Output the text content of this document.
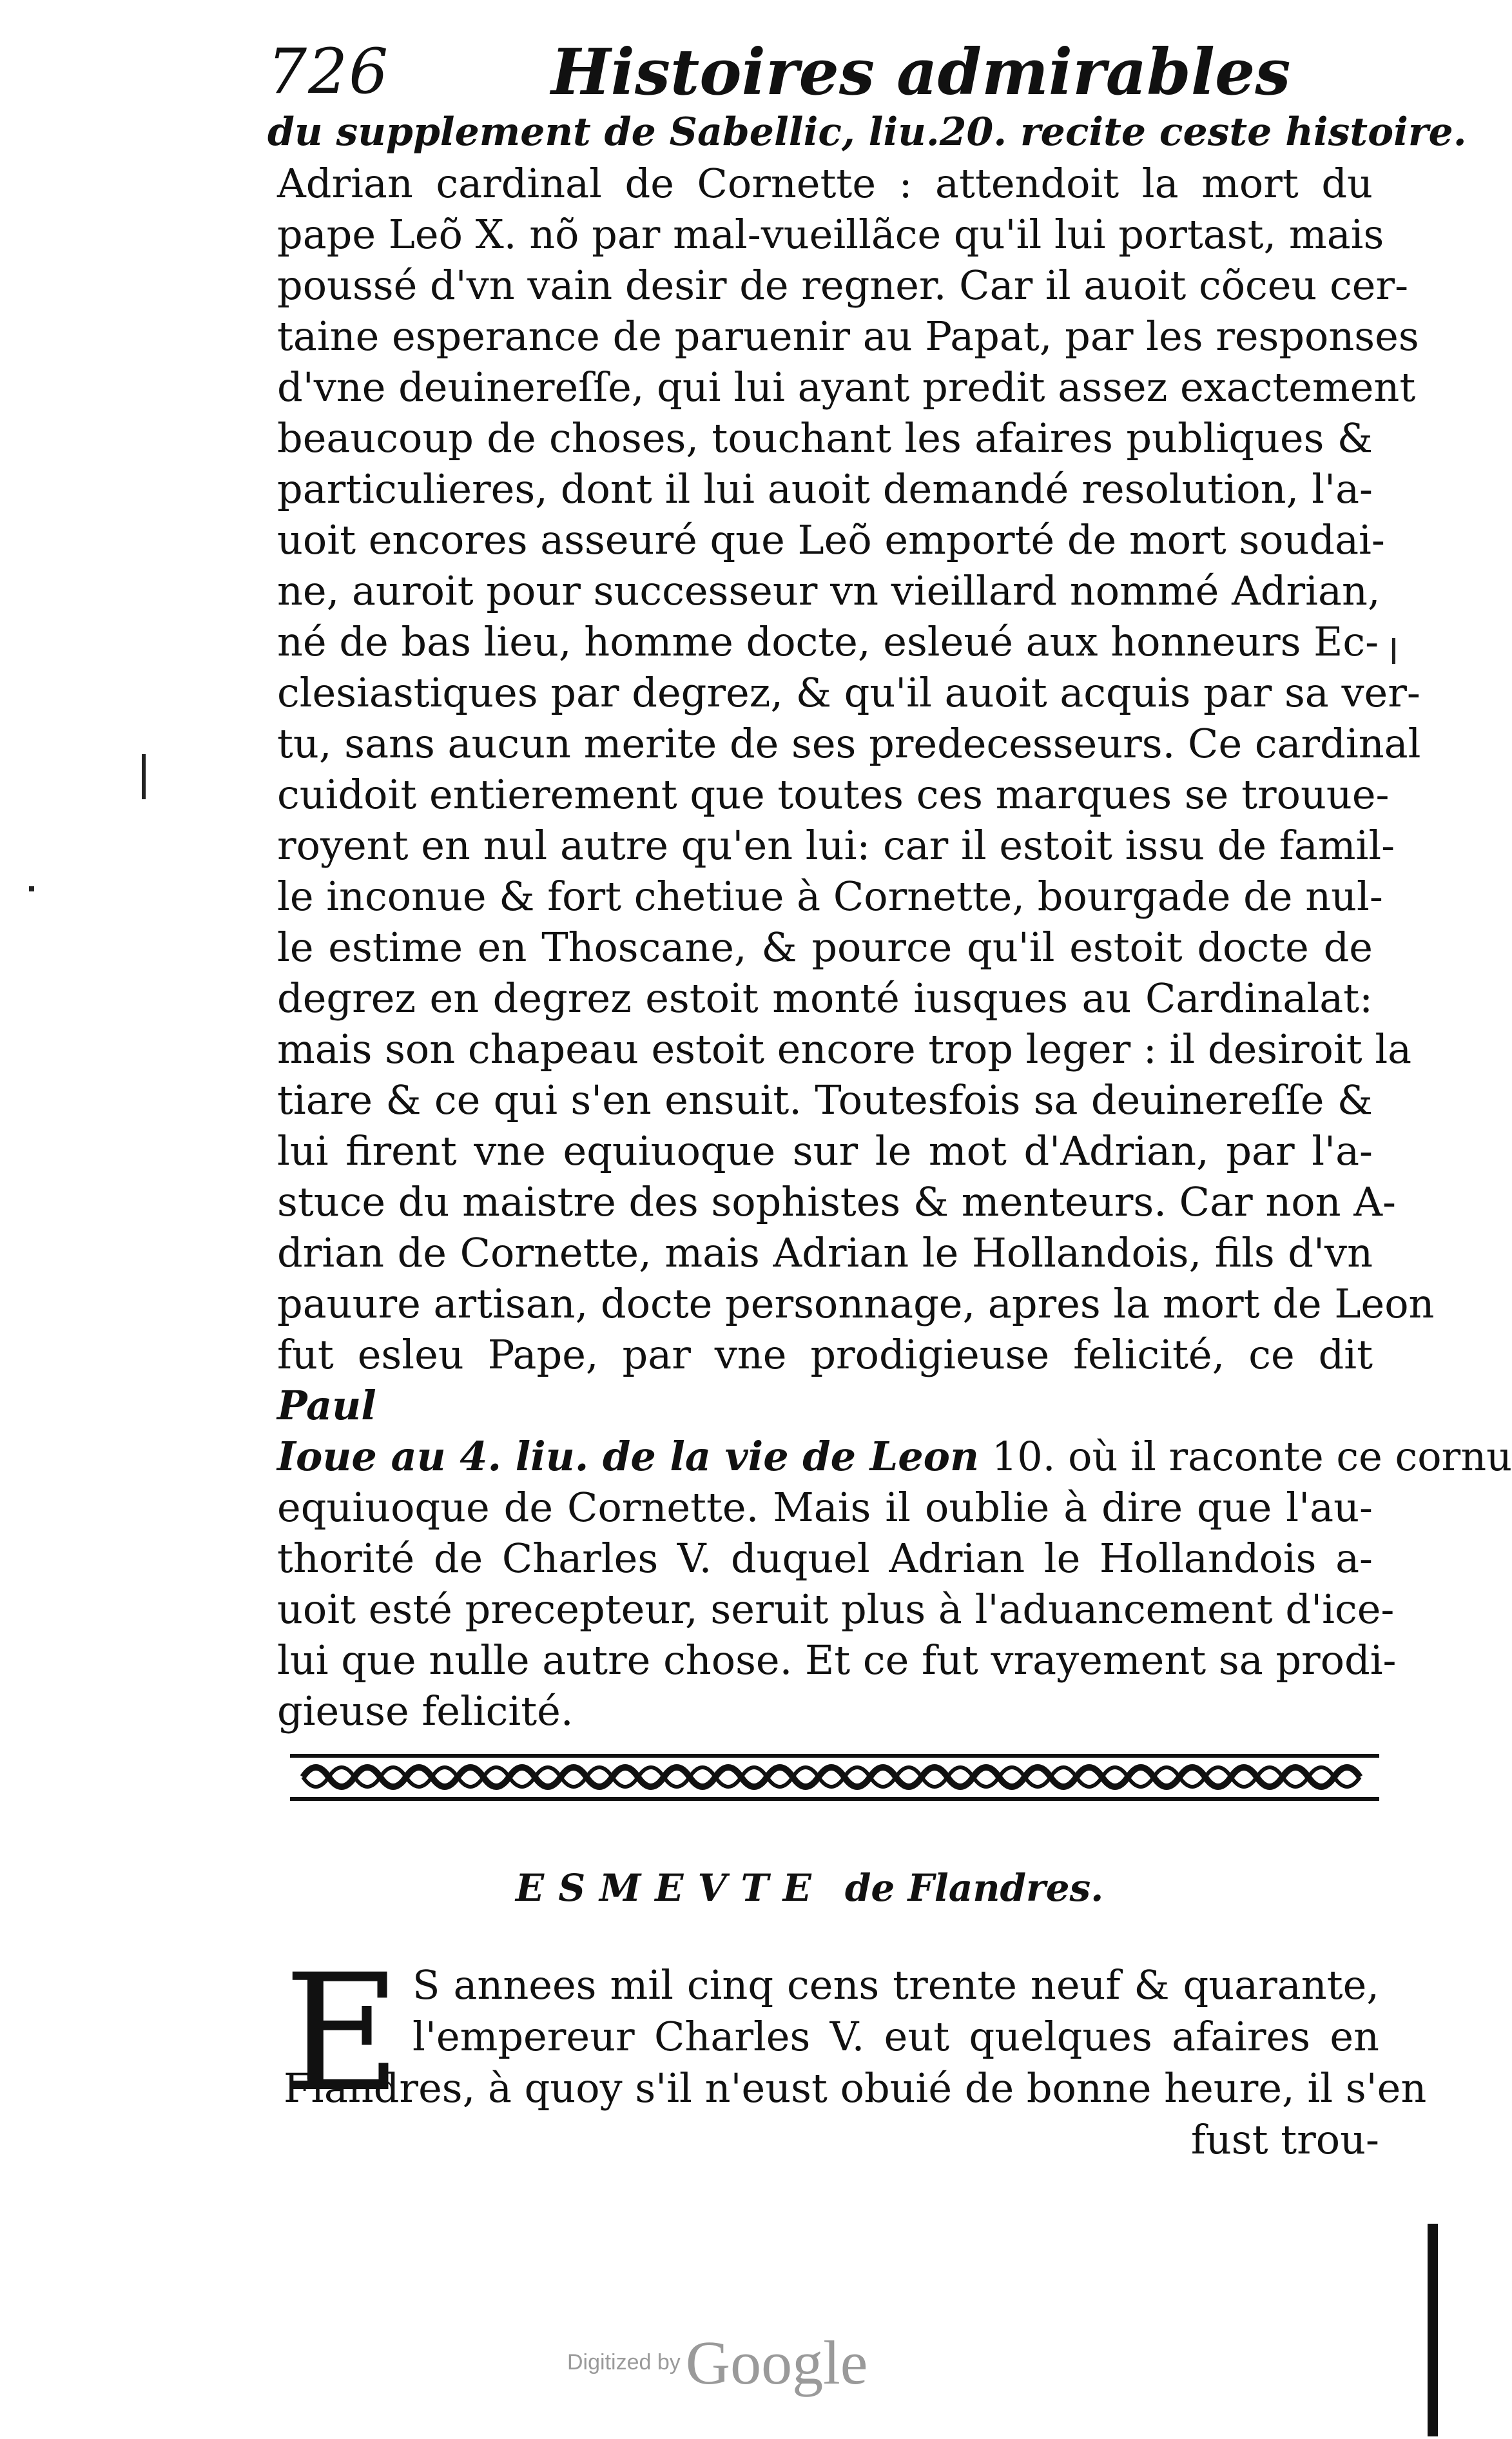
726	Histoires admirables
du supplement de Sabellic, liu.20. recite ceste histoire.
Adrian cardinal de Cornette : attendoit la mort du
pape Leõ X. nõ par mal-vueillãce qu'il lui portast, mais
poussé d'vn vain desir de regner. Car il auoit cõceu cer-
taine esperance de paruenir au Papat, par les responses
d'vne deuinereſſe, qui lui ayant predit assez exactement
beaucoup de choses, touchant les afaires publiques &
particulieres, dont il lui auoit demandé resolution, l'a-
uoit encores asseuré que Leõ emporté de mort soudai-
ne, auroit pour successeur vn vieillard nommé Adrian,
né de bas lieu, homme docte, esleué aux honneurs Ec-
clesiastiques par degrez, & qu'il auoit acquis par sa ver-
tu, sans aucun merite de ses predecesseurs. Ce cardinal
cuidoit entierement que toutes ces marques se trouue-
royent en nul autre qu'en lui: car il estoit issu de famil-
le inconue & fort chetiue à Cornette, bourgade de nul-
le estime en Thoscane, & pource qu'il estoit docte de
degrez en degrez estoit monté iusques au Cardinalat:
mais son chapeau estoit encore trop leger : il desiroit la
tiare & ce qui s'en ensuit. Toutesfois sa deuinereſſe &
lui firent vne equiuoque sur le mot d'Adrian, par l'a-
stuce du maistre des sophistes & menteurs. Car non A-
drian de Cornette, mais Adrian le Hollandois, fils d'vn
pauure artisan, docte personnage, apres la mort de Leon
fut esleu Pape, par vne prodigieuse felicité, ce dit
Paul
Ioue au 4. liu. de la vie de Leon 10. où il raconte ce cornu
equiuoque de Cornette. Mais il oublie à dire que l'au-
thorité de Charles V. duquel Adrian le Hollandois a-
uoit esté precepteur, seruit plus à l'aduancement d'ice-
lui que nulle autre chose. Et ce fut vrayement sa prodi-
gieuse felicité.
ESMEVTE de Flandres.
E S annees mil cinq cens trente neuf & quarante,
l'empereur Charles V. eut quelques afaires en
Flandres, à quoy s'il n'eust obuié de bonne heure, il s'en
fust trou-
Digitized byGoogle
